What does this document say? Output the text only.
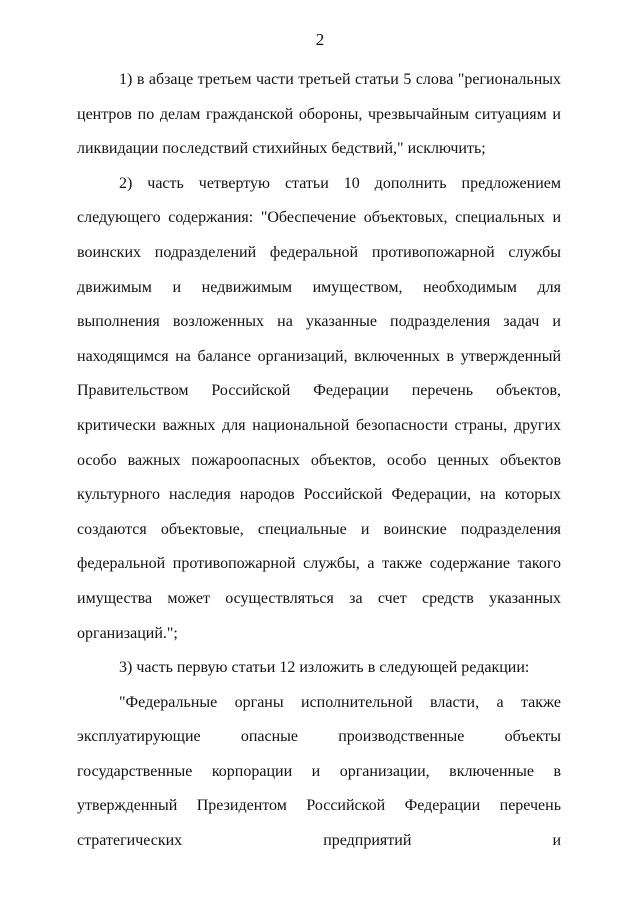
2

1) в абзаце третьем части третьей статьи 5 слова "региональных центров по делам гражданской обороны, чрезвычайным ситуациям и ликвидации последствий стихийных бедствий," исключить;

2) часть четвертую статьи 10 дополнить предложением следующего содержания: "Обеспечение объектовых, специальных и воинских подразделений федеральной противопожарной службы движимым и недвижимым имуществом, необходимым для выполнения возложенных на указанные подразделения задач и находящимся на балансе организаций, включенных в утвержденный Правительством Российской Федерации перечень объектов, критически важных для национальной безопасности страны, других особо важных пожароопасных объектов, особо ценных объектов культурного наследия народов Российской Федерации, на которых создаются объектовые, специальные и воинские подразделения федеральной противопожарной службы, а также содержание такого имущества может осуществляться за счет средств указанных организаций.";

3) часть первую статьи 12 изложить в следующей редакции:

"Федеральные органы исполнительной власти, а также эксплуатирующие опасные производственные объекты государственные корпорации и организации, включенные в утвержденный Президентом Российской Федерации перечень стратегических предприятий и
